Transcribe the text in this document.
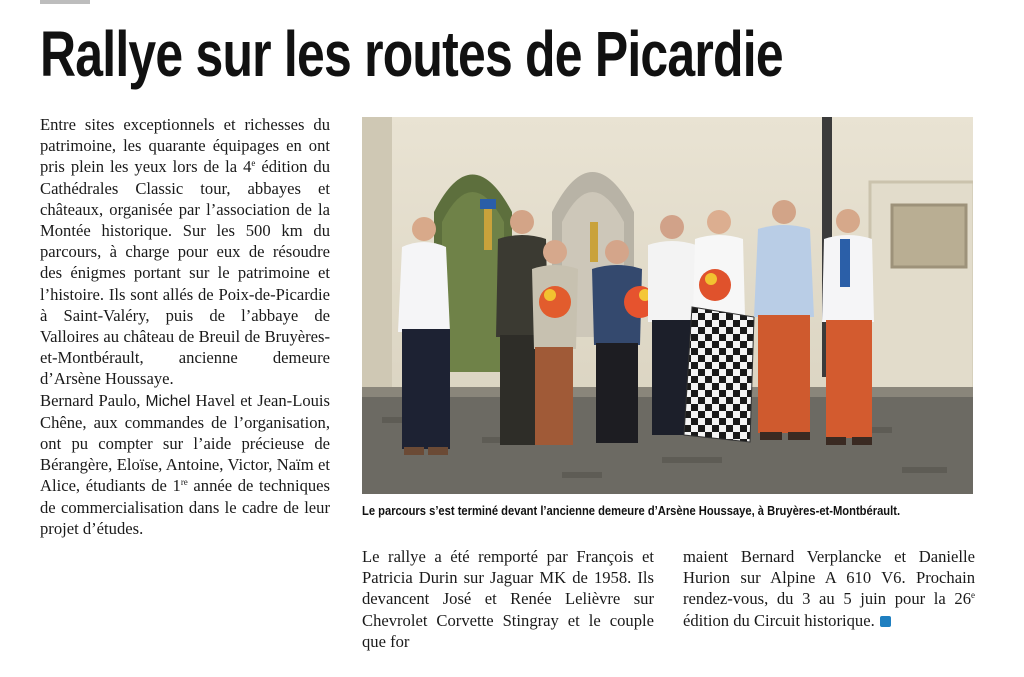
Rallye sur les routes de Picardie

Entre sites exceptionnels et richesses du patrimoine, les quarante équipages en ont pris plein les yeux lors de la 4e édition du Cathédrales Classic tour, abbayes et châteaux, organisée par l’association de la Montée historique. Sur les 500 km du parcours, à charge pour eux de résoudre des énigmes portant sur le patrimoine et l’histoire. Ils sont allés de Poix-de-Picardie à Saint-Valéry, puis de l’abbaye de Valloires au château de Breuil de Bruyères-et-Montbérault, ancienne demeure d’Arsène Houssaye.

Bernard Paulo, Michel Havel et Jean-Louis Chêne, aux commandes de l’organisation, ont pu compter sur l’aide précieuse de Bérangère, Eloïse, Antoine, Victor, Naïm et Alice, étudiants de 1re année de techniques de commercialisation dans le cadre de leur projet d’études.

Le parcours s’est terminé devant l’ancienne demeure d’Arsène Houssaye, à Bruyères-et-Montbérault.

Le rallye a été remporté par François et Patricia Durin sur Jaguar MK de 1958. Ils devancent José et Renée Lelièvre sur Chevrolet Corvette Stingray et le couple que for

maient Bernard Verplancke et Danielle Hurion sur Alpine A 610 V6. Prochain rendez-vous, du 3 au 5 juin pour la 26e édition du Circuit historique.
